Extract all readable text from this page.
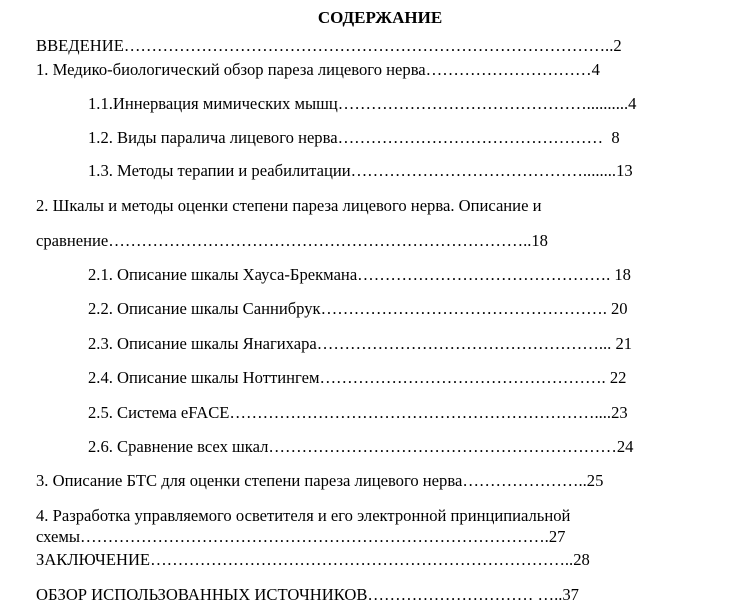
СОДЕРЖАНИЕ
ВВЕДЕНИЕ……………………………………………………………………………..2
1. Медико-биологический обзор пареза лицевого нерва…………………………4
1.1.Иннервация мимических мышц………………………………………..........4
1.2. Виды паралича лицевого нерва…………………………………………  8
1.3. Методы терапии и реабилитации……………………………………........13
2. Шкалы и методы оценки степени пареза лицевого нерва. Описание и
сравнение…………………………………………………………………..18
2.1. Описание шкалы Хауса-Брекмана………………………………………. 18
2.2. Описание шкалы Саннибрук……………………………………………. 20
2.3. Описание шкалы Янагихара……………………………………………... 21
2.4. Описание шкалы Ноттингем……………………………………………. 22
2.5. Система eFACE…………………………………………………………....23
2.6. Сравнение всех шкал………………………………………………………24
3. Описание БТС для оценки степени пареза лицевого нерва…………………..25
4. Разработка управляемого осветителя и его электронной принципиальной
схемы………………………………………………………………………….27
ЗАКЛЮЧЕНИЕ…………………………………………………………………..28
ОБЗОР ИСПОЛЬЗОВАННЫХ ИСТОЧНИКОВ………………………… …..37
